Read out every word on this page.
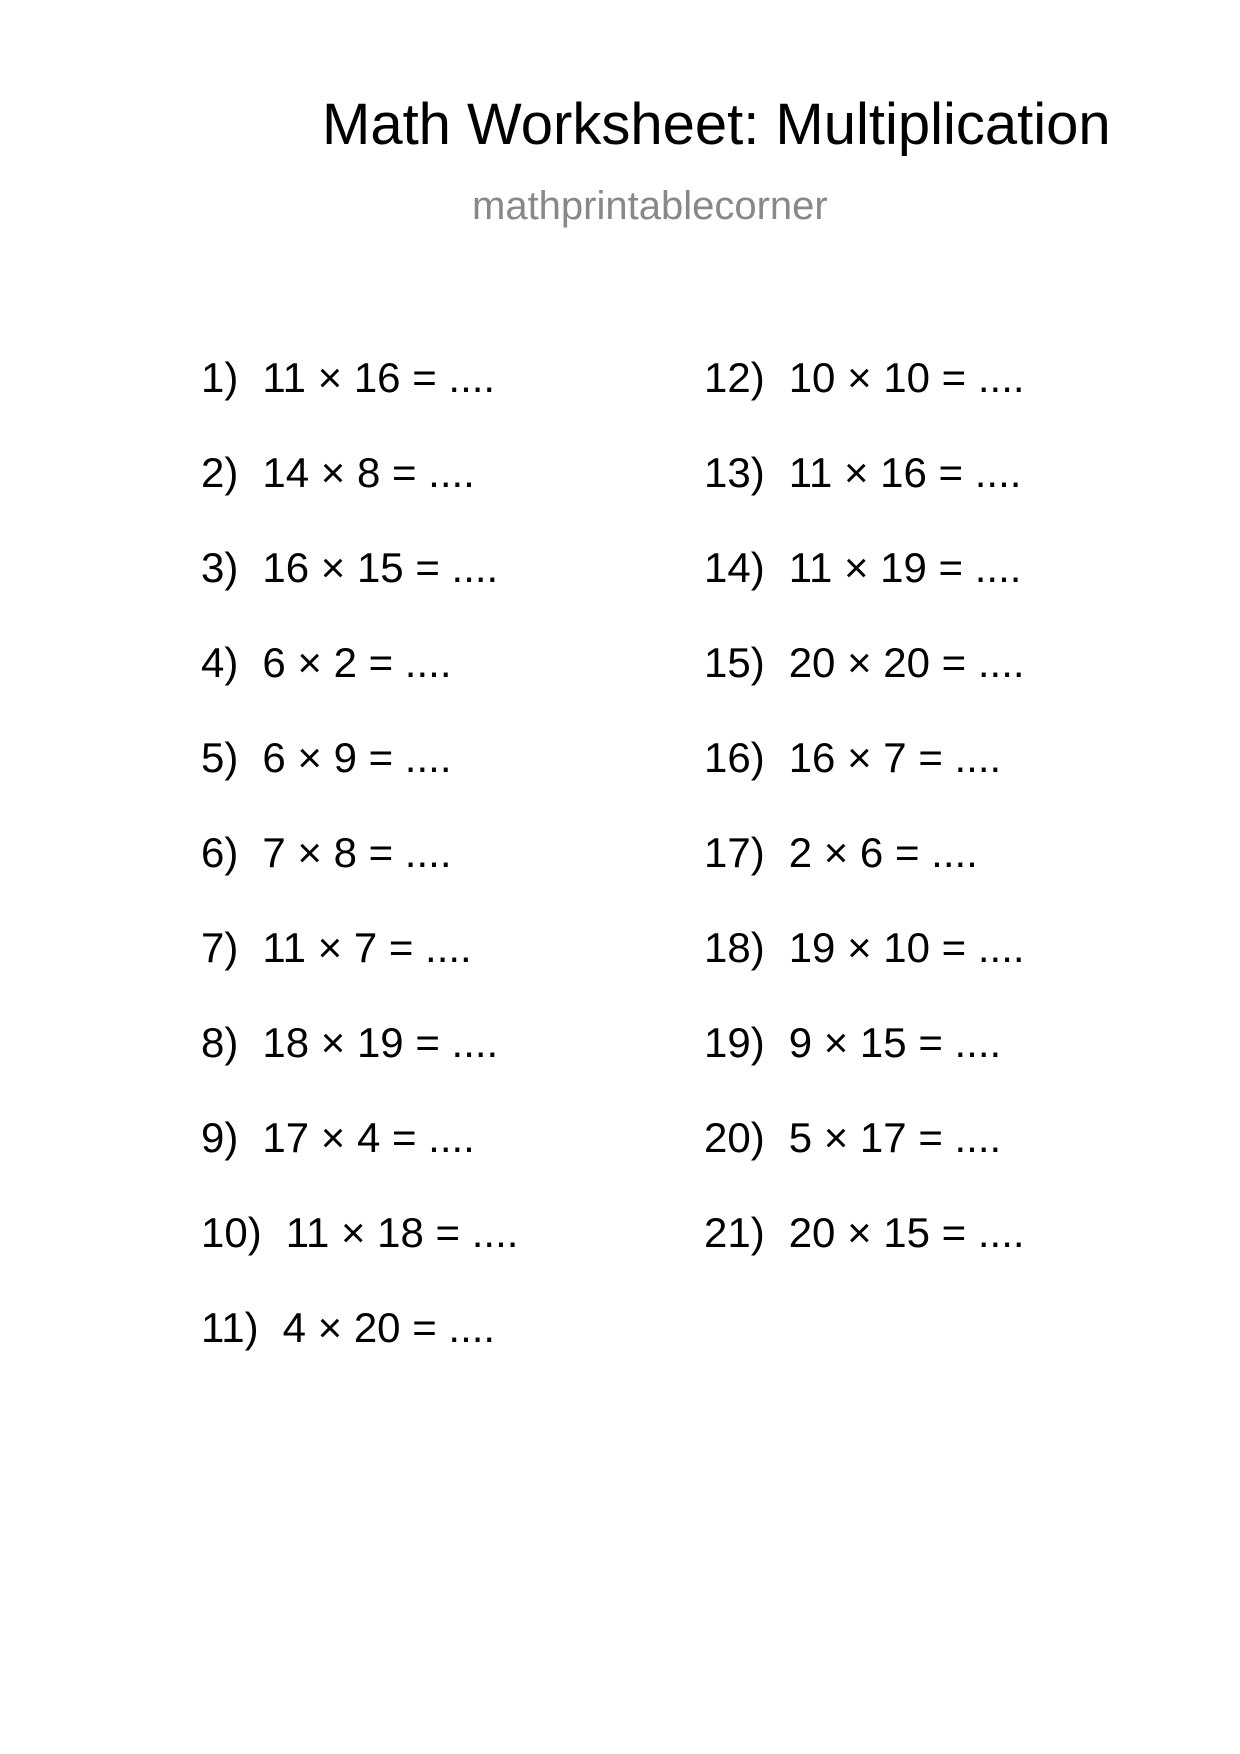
Math Worksheet: Multiplication
mathprintablecorner
1) 11 × 16 = ....
2) 14 × 8 = ....
3) 16 × 15 = ....
4) 6 × 2 = ....
5) 6 × 9 = ....
6) 7 × 8 = ....
7) 11 × 7 = ....
8) 18 × 19 = ....
9) 17 × 4 = ....
10) 11 × 18 = ....
11) 4 × 20 = ....
12) 10 × 10 = ....
13) 11 × 16 = ....
14) 11 × 19 = ....
15) 20 × 20 = ....
16) 16 × 7 = ....
17) 2 × 6 = ....
18) 19 × 10 = ....
19) 9 × 15 = ....
20) 5 × 17 = ....
21) 20 × 15 = ....
